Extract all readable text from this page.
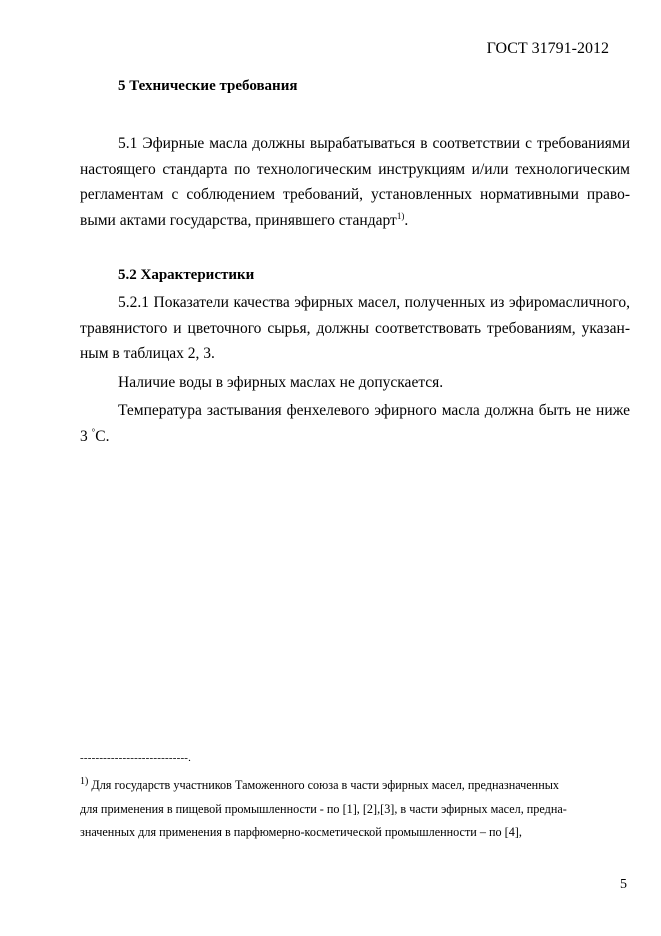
ГОСТ 31791-2012
5 Технические требования
5.1 Эфирные масла должны вырабатываться в соответствии с требованиями
настоящего стандарта по технологическим инструкциям и/или технологическим
регламентам с соблюдением требований, установленных нормативными право-
выми актами государства, принявшего стандарт$^{1)}$.
5.2 Характеристики
5.2.1 Показатели качества эфирных масел, полученных из эфиромасличного,
травянистого и цветочного сырья, должны соответствовать требованиям, указан-
ным в таблицах 2, 3.
Наличие воды в эфирных маслах не допускается.
Температура застывания фенхелевого эфирного масла должна быть не ниже
3 °С.
----------------------------.
$^{1)}$ Для государств участников Таможенного союза в части эфирных масел, предназначенных
для применения в пищевой промышленности - по [1], [2],[3], в части эфирных масел, предна-
значенных для применения в парфюмерно-косметической промышленности – по [4],
5
